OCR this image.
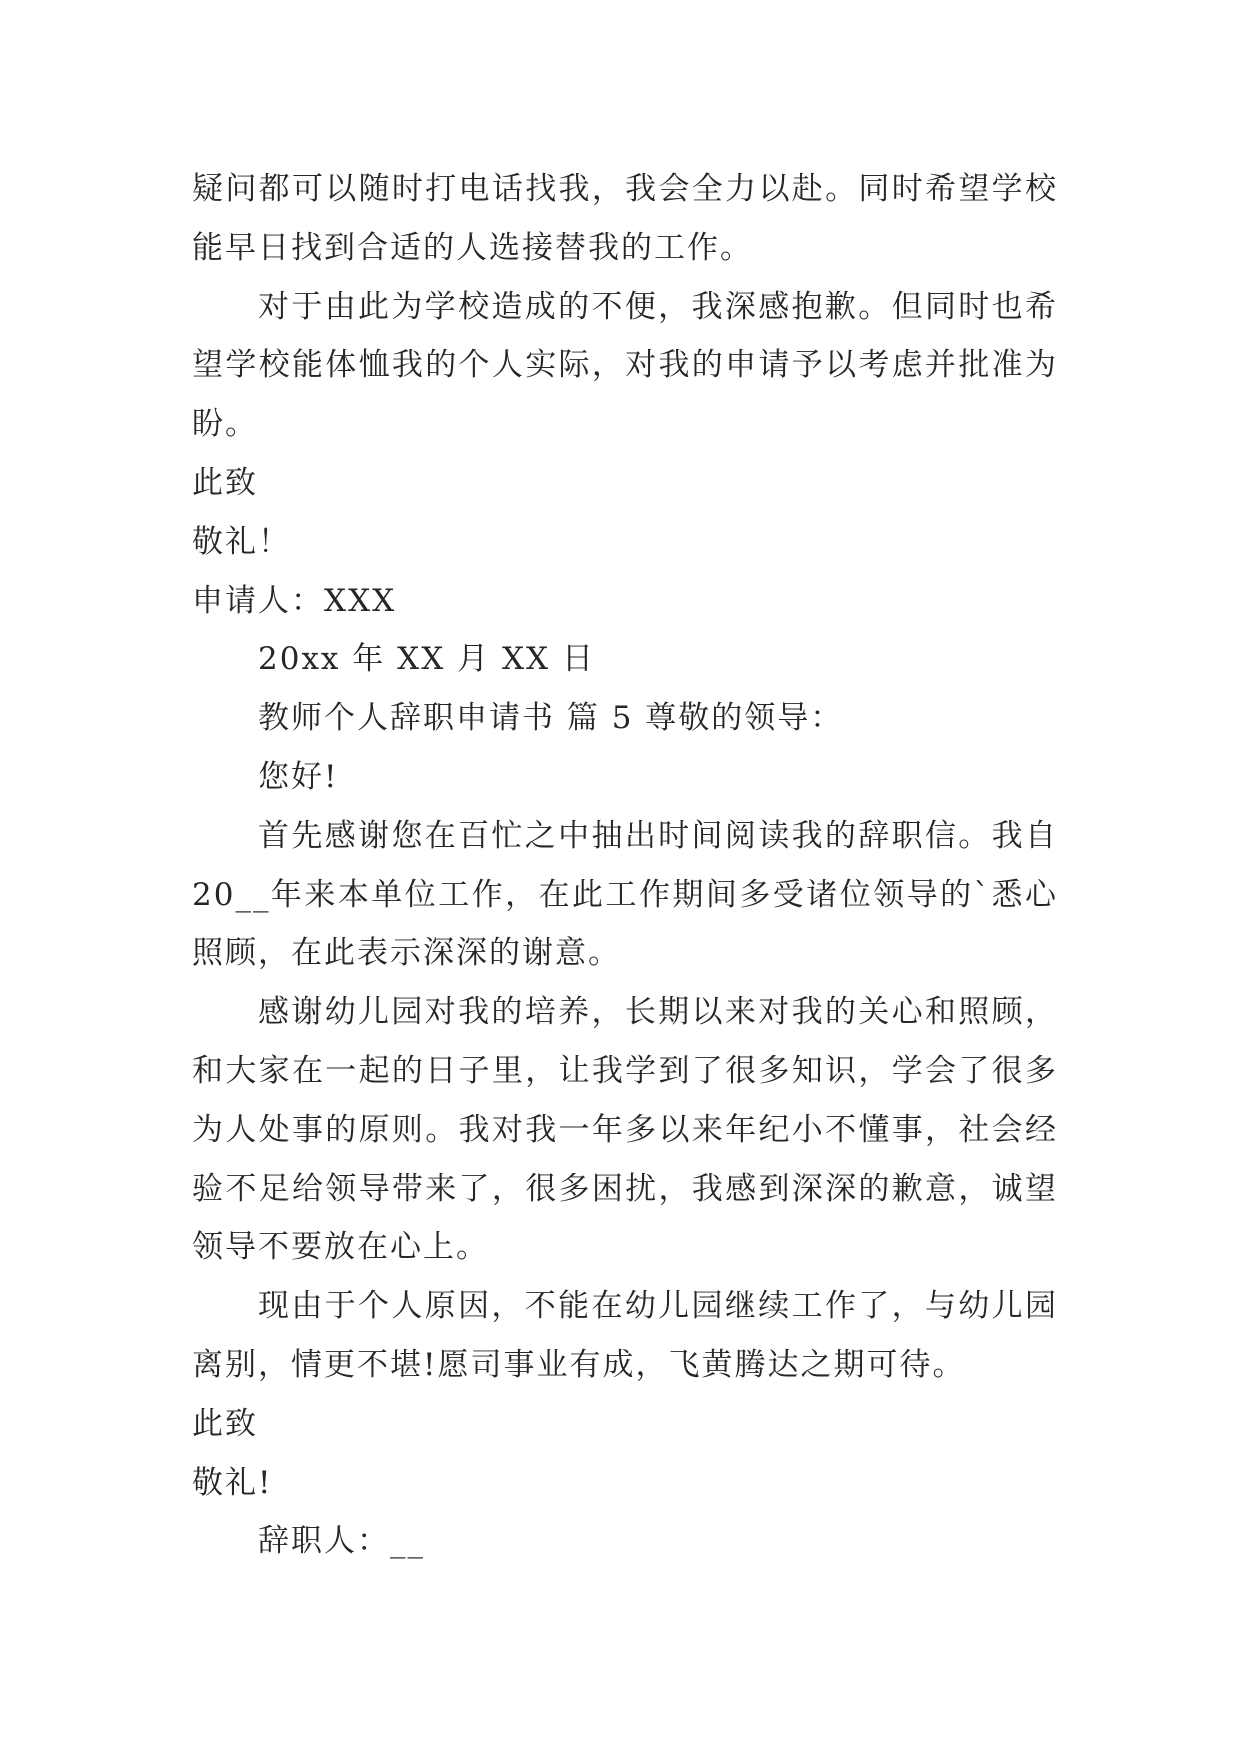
疑问都可以随时打电话找我，我会全力以赴。同时希望学校
能早日找到合适的人选接替我的工作。
对于由此为学校造成的不便，我深感抱歉。但同时也希
望学校能体恤我的个人实际，对我的申请予以考虑并批准为
盼。
此致
敬礼！
申请人：XXX
20xx 年 XX 月 XX 日
教师个人辞职申请书 篇 5 尊敬的领导：
您好!
首先感谢您在百忙之中抽出时间阅读我的辞职信。我自
20__年来本单位工作，在此工作期间多受诸位领导的`悉心
照顾，在此表示深深的谢意。
感谢幼儿园对我的培养，长期以来对我的关心和照顾，
和大家在一起的日子里，让我学到了很多知识，学会了很多
为人处事的原则。我对我一年多以来年纪小不懂事，社会经
验不足给领导带来了，很多困扰，我感到深深的歉意，诚望
领导不要放在心上。
现由于个人原因，不能在幼儿园继续工作了，与幼儿园
离别，情更不堪!愿司事业有成，飞黄腾达之期可待。
此致
敬礼!
辞职人：__
